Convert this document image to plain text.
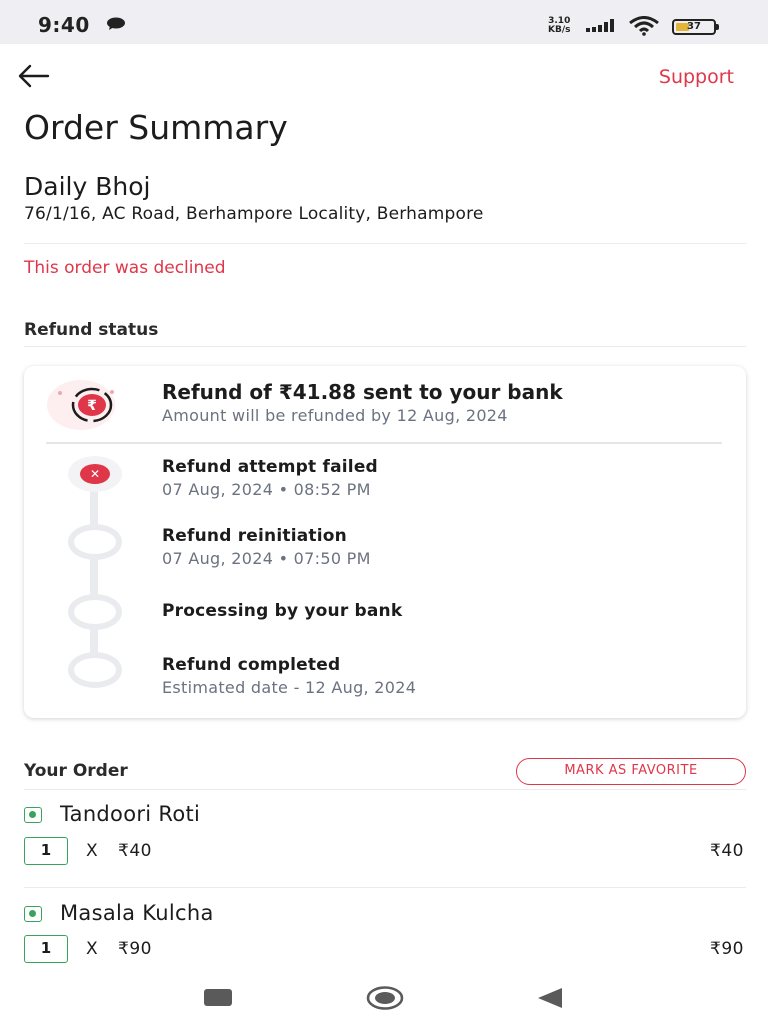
9:40	3.10
KB/s	37
Support
Order Summary
Daily Bhoj
76/1/16, AC Road, Berhampore Locality, Berhampore
This order was declined
Refund status
₹
Refund of ₹41.88 sent to your bank
Amount will be refunded by 12 Aug, 2024
✕	Refund attempt failed
07 Aug, 2024 • 08:52 PM
Refund reinitiation
07 Aug, 2024 • 07:50 PM
Processing by your bank
Refund completed
Estimated date - 12 Aug, 2024
Your Order	MARK AS FAVORITE
Tandoori Roti
1	X ₹40	₹40
Masala Kulcha
1	X ₹90	₹90
